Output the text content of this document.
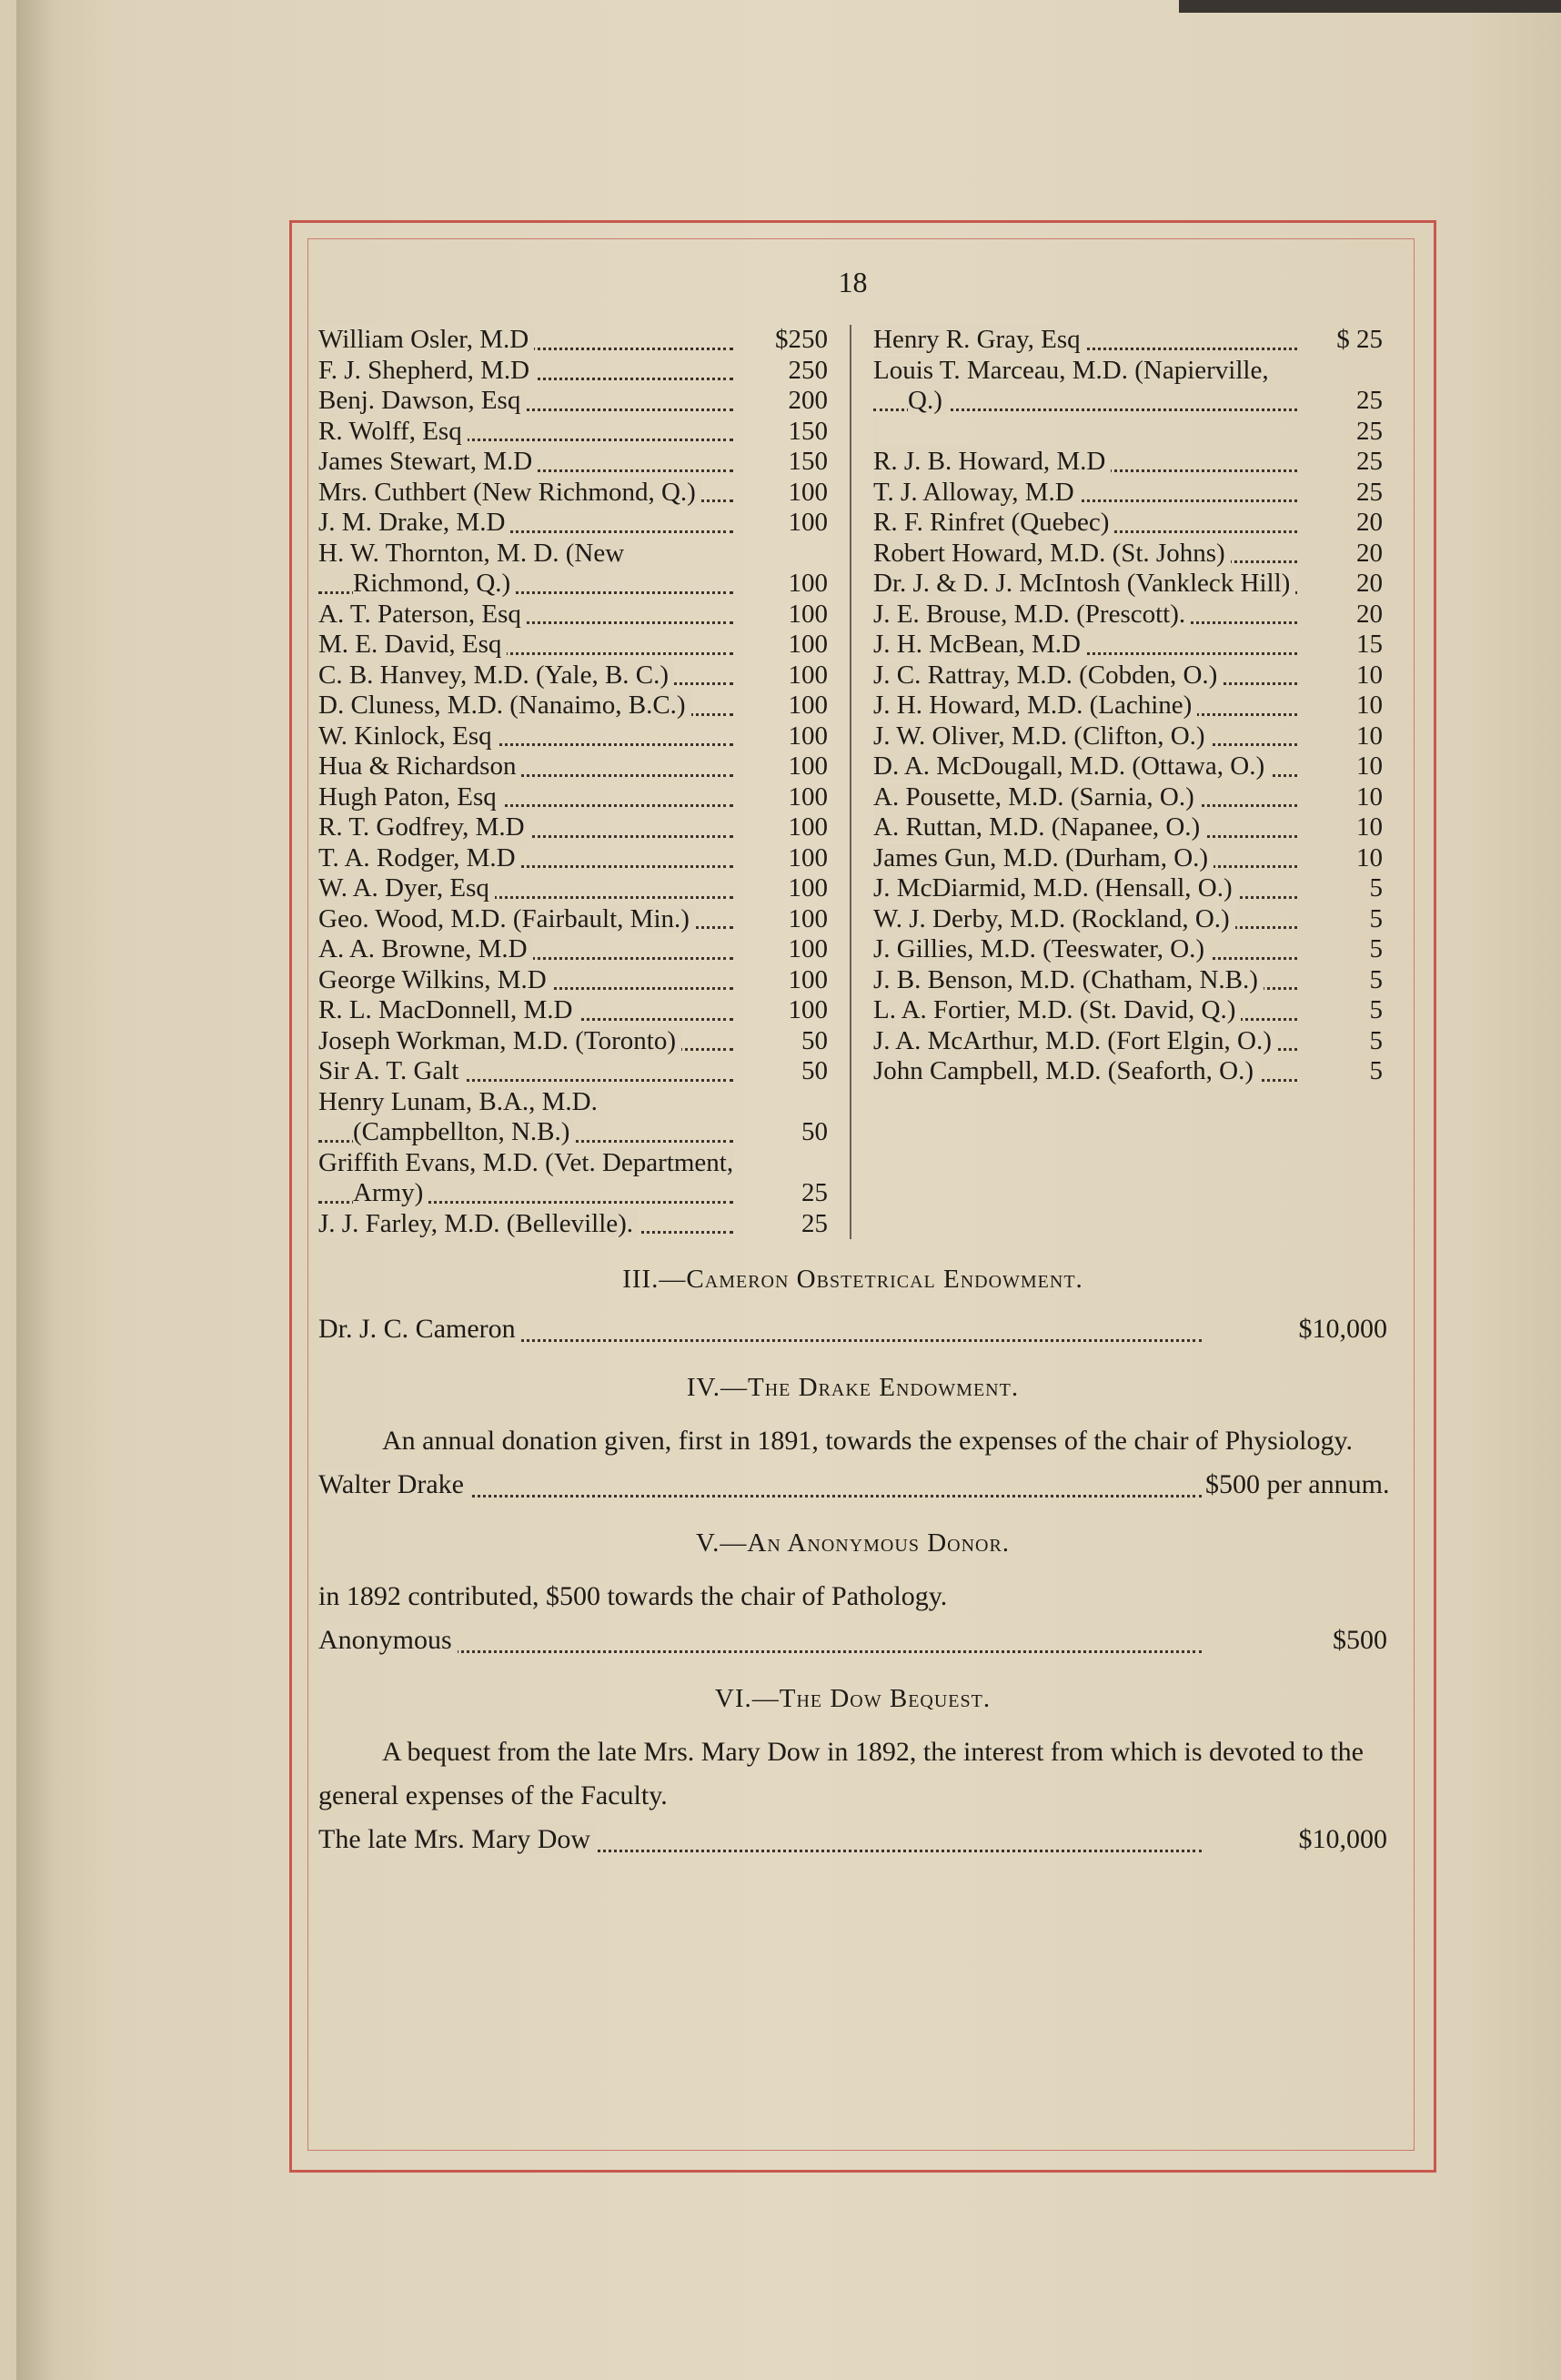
18
William Osler, M.D	$250
F. J. Shepherd, M.D	250
Benj. Dawson, Esq	200
R. Wolff, Esq	150
James Stewart, M.D	150
Mrs. Cuthbert (New Richmond, Q.)	100
J. M. Drake, M.D	100
H. W. Thornton, M. D. (New Richmond, Q.)	100
A. T. Paterson, Esq	100
M. E. David, Esq	100
C. B. Hanvey, M.D. (Yale, B. C.)	100
D. Cluness, M.D. (Nanaimo, B.C.)	100
W. Kinlock, Esq	100
Hua & Richardson	100
Hugh Paton, Esq	100
R. T. Godfrey, M.D	100
T. A. Rodger, M.D	100
W. A. Dyer, Esq	100
Geo. Wood, M.D. (Fairbault, Min.)	100
A. A. Browne, M.D	100
George Wilkins, M.D	100
R. L. MacDonnell, M.D	100
Joseph Workman, M.D. (Toronto)	50
Sir A. T. Galt	50
Henry Lunam, B.A., M.D. (Campbellton, N.B.)	50
Griffith Evans, M.D. (Vet. Department, Army)	25
J. J. Farley, M.D. (Belleville).	25
Henry R. Gray, Esq	$ 25
Louis T. Marceau, M.D. (Napierville, Q.)	25
25
R. J. B. Howard, M.D	25
T. J. Alloway, M.D	25
R. F. Rinfret (Quebec)	20
Robert Howard, M.D. (St. Johns)	20
Dr. J. & D. J. McIntosh (Vankleck Hill)	20
J. E. Brouse, M.D. (Prescott).	20
J. H. McBean, M.D	15
J. C. Rattray, M.D. (Cobden, O.)	10
J. H. Howard, M.D. (Lachine)	10
J. W. Oliver, M.D. (Clifton, O.)	10
D. A. McDougall, M.D. (Ottawa, O.)	10
A. Pousette, M.D. (Sarnia, O.)	10
A. Ruttan, M.D. (Napanee, O.)	10
James Gun, M.D. (Durham, O.)	10
J. McDiarmid, M.D. (Hensall, O.)	5
W. J. Derby, M.D. (Rockland, O.)	5
J. Gillies, M.D. (Teeswater, O.)	5
J. B. Benson, M.D. (Chatham, N.B.)	5
L. A. Fortier, M.D. (St. David, Q.)	5
J. A. McArthur, M.D. (Fort Elgin, O.)	5
John Campbell, M.D. (Seaforth, O.)	5
III.—Cameron Obstetrical Endowment.
Dr. J. C. Cameron	$10,000
IV.—The Drake Endowment.

An annual donation given, first in 1891, towards the expenses of the chair of Physiology.

Walter Drake	$500 per annum.
V.—An Anonymous Donor.

in 1892 contributed, $500 towards the chair of Pathology.

Anonymous	$500
VI.—The Dow Bequest.

A bequest from the late Mrs. Mary Dow in 1892, the interest from which is devoted to the general expenses of the Faculty.

The late Mrs. Mary Dow	$10,000
